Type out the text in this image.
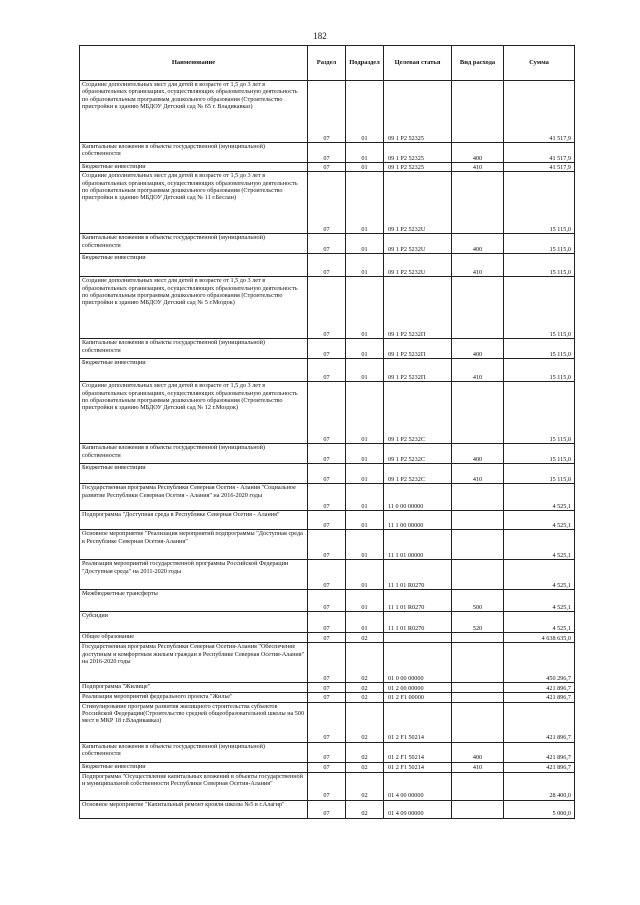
182
Наименование	Раздел	Подраздел	Целевая статья	Вид расхода	Сумма
Создание дополнительных мест для детей в возрасте от 1,5 до 3 лет в образовательных организациях, осуществляющих образовательную деятельность по образовательным программам дошкольного образования (Строительство пристройки к зданию МБДОУ Детский сад № 65 г. Владикавказ)	07	01	09 1 P2 52325		41 517,9
Капитальные вложения в объекты государственной (муниципальной) собственности	07	01	09 1 P2 52325	400	41 517,9
Бюджетные инвестиции	07	01	09 1 P2 52325	410	41 517,9
Создание дополнительных мест для детей в возрасте от 1,5 до 3 лет в образовательных организациях, осуществляющих образовательную деятельность по образовательным программам дошкольного образования (Строительство пристройки к зданию МБДОУ Детский сад № 11 г.Беслан)	07	01	09 1 P2 5232U		15 115,0
Капитальные вложения в объекты государственной (муниципальной) собственности	07	01	09 1 P2 5232U	400	15 115,0
Бюджетные инвестиции	07	01	09 1 P2 5232U	410	15 115,0
Создание дополнительных мест для детей в возрасте от 1,5 до 3 лет в образовательных организациях, осуществляющих образовательную деятельность по образовательным программам дошкольного образования (Строительство пристройки к зданию МБДОУ Детский сад № 5 г.Моздок)	07	01	09 1 P2 5232П		15 115,0
Капитальные вложения в объекты государственной (муниципальной) собственности	07	01	09 1 P2 5232П	400	15 115,0
Бюджетные инвестиции	07	01	09 1 P2 5232П	410	15 115,0
Создание дополнительных мест для детей в возрасте от 1,5 до 3 лет в образовательных организациях, осуществляющих образовательную деятельность по образовательным программам дошкольного образования (Строительство пристройки к зданию МБДОУ Детский сад № 12 г.Моздок)	07	01	09 1 P2 5232C		15 115,0
Капитальные вложения в объекты государственной (муниципальной) собственности	07	01	09 1 P2 5232C	400	15 115,0
Бюджетные инвестиции	07	01	09 1 P2 5232C	410	15 115,0
Государственная программа Республики Северная Осетия - Алания "Социальное развитие Республики Северная Осетия - Алания" на 2016-2020 годы	07	01	11 0 00 00000		4 525,1
Подпрограмма "Доступная среда в Республике Северная Осетия - Алания"	07	01	11 1 00 00000		4 525,1
Основное мероприятие "Реализация мероприятий подпрограммы "Доступная среда в Республике Северная Осетия-Алания"	07	01	11 1 01 00000		4 525,1
Реализация мероприятий государственной программы Российской Федерации "Доступная среда" на 2011-2020 годы	07	01	11 1 01 R0270		4 525,1
Межбюджетные трансферты	07	01	11 1 01 R0270	500	4 525,1
Субсидии	07	01	11 1 01 R0270	520	4 525,1
Общее образование	07	02			4 638 635,0
Государственная программа Республики Северная Осетия-Алания "Обеспечение доступным и комфортным жильем граждан в Республике Северная Осетия-Алания" на 2016-2020 годы	07	02	01 0 00 00000		450 296,7
Подпрограмма "Жилище"	07	02	01 2 00 00000		421 896,7
Реализация мероприятий федерального проекта "Жилье"	07	02	01 2 F1 00000		421 896,7
Стимулирование программ развития жилищного строительства субъектов Российской Федерации(Строительство средней общеобразовательной школы на 500 мест в МКР 18 г.Владикавказ)	07	02	01 2 F1 50214		421 896,7
Капитальные вложения в объекты государственной (муниципальной) собственности	07	02	01 2 F1 50214	400	421 896,7
Бюджетные инвестиции	07	02	01 2 F1 50214	410	421 896,7
Подпрограмма "Осуществление капитальных вложений в объекты государственной и муниципальной собственности Республики Северная Осетия-Алания"	07	02	01 4 00 00000		28 400,0
Основное мероприятие "Капитальный ремонт кровли школы №5 в г.Алагир"	07	02	01 4 09 00000		5 000,0
